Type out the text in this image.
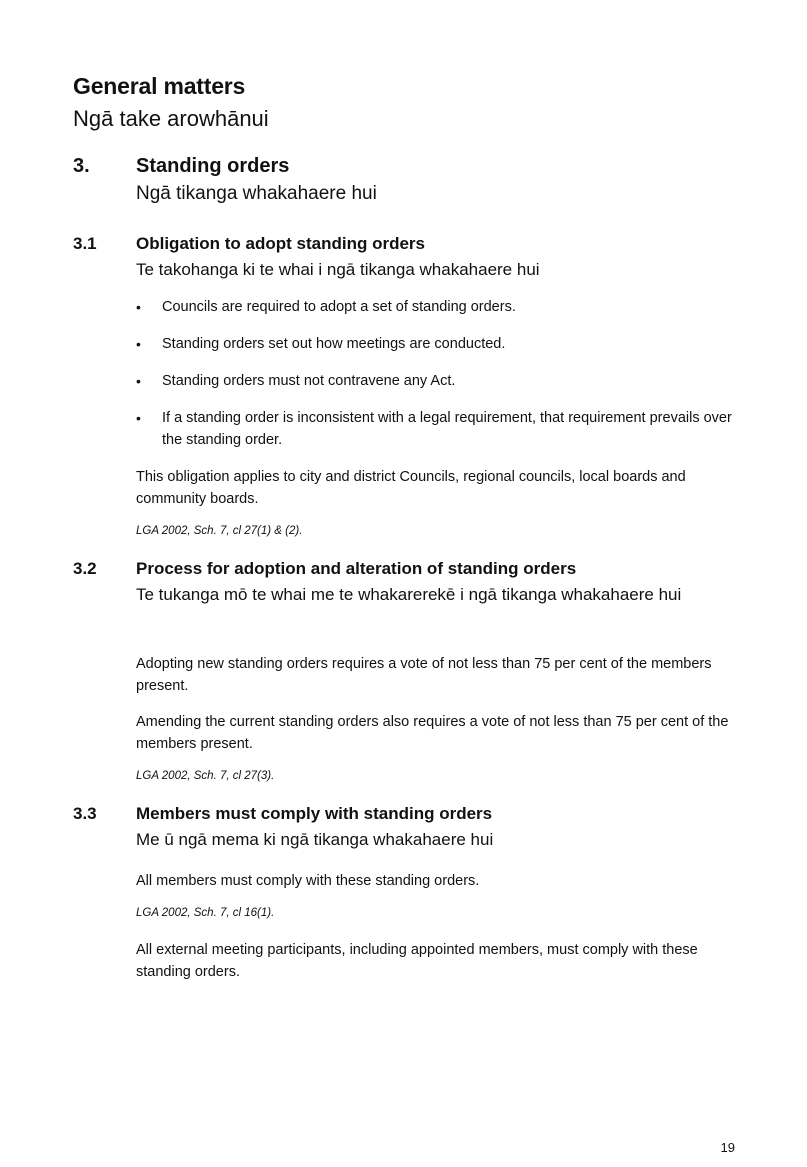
General matters
Ngā take arowhānui
3. Standing orders
Ngā tikanga whakahaere hui
3.1 Obligation to adopt standing orders
Te takohanga ki te whai i ngā tikanga whakahaere hui
• Councils are required to adopt a set of standing orders.
• Standing orders set out how meetings are conducted.
• Standing orders must not contravene any Act.
• If a standing order is inconsistent with a legal requirement, that requirement prevails over the standing order.
This obligation applies to city and district Councils, regional councils, local boards and community boards.
LGA 2002, Sch. 7, cl 27(1) & (2).
3.2 Process for adoption and alteration of standing orders
Te tukanga mō te whai me te whakarerekē i ngā tikanga whakahaere hui
Adopting new standing orders requires a vote of not less than 75 per cent of the members present.
Amending the current standing orders also requires a vote of not less than 75 per cent of the members present.
LGA 2002, Sch. 7, cl 27(3).
3.3 Members must comply with standing orders
Me ū ngā mema ki ngā tikanga whakahaere hui
All members must comply with these standing orders.
LGA 2002, Sch. 7, cl 16(1).
All external meeting participants, including appointed members, must comply with these standing orders.
19
